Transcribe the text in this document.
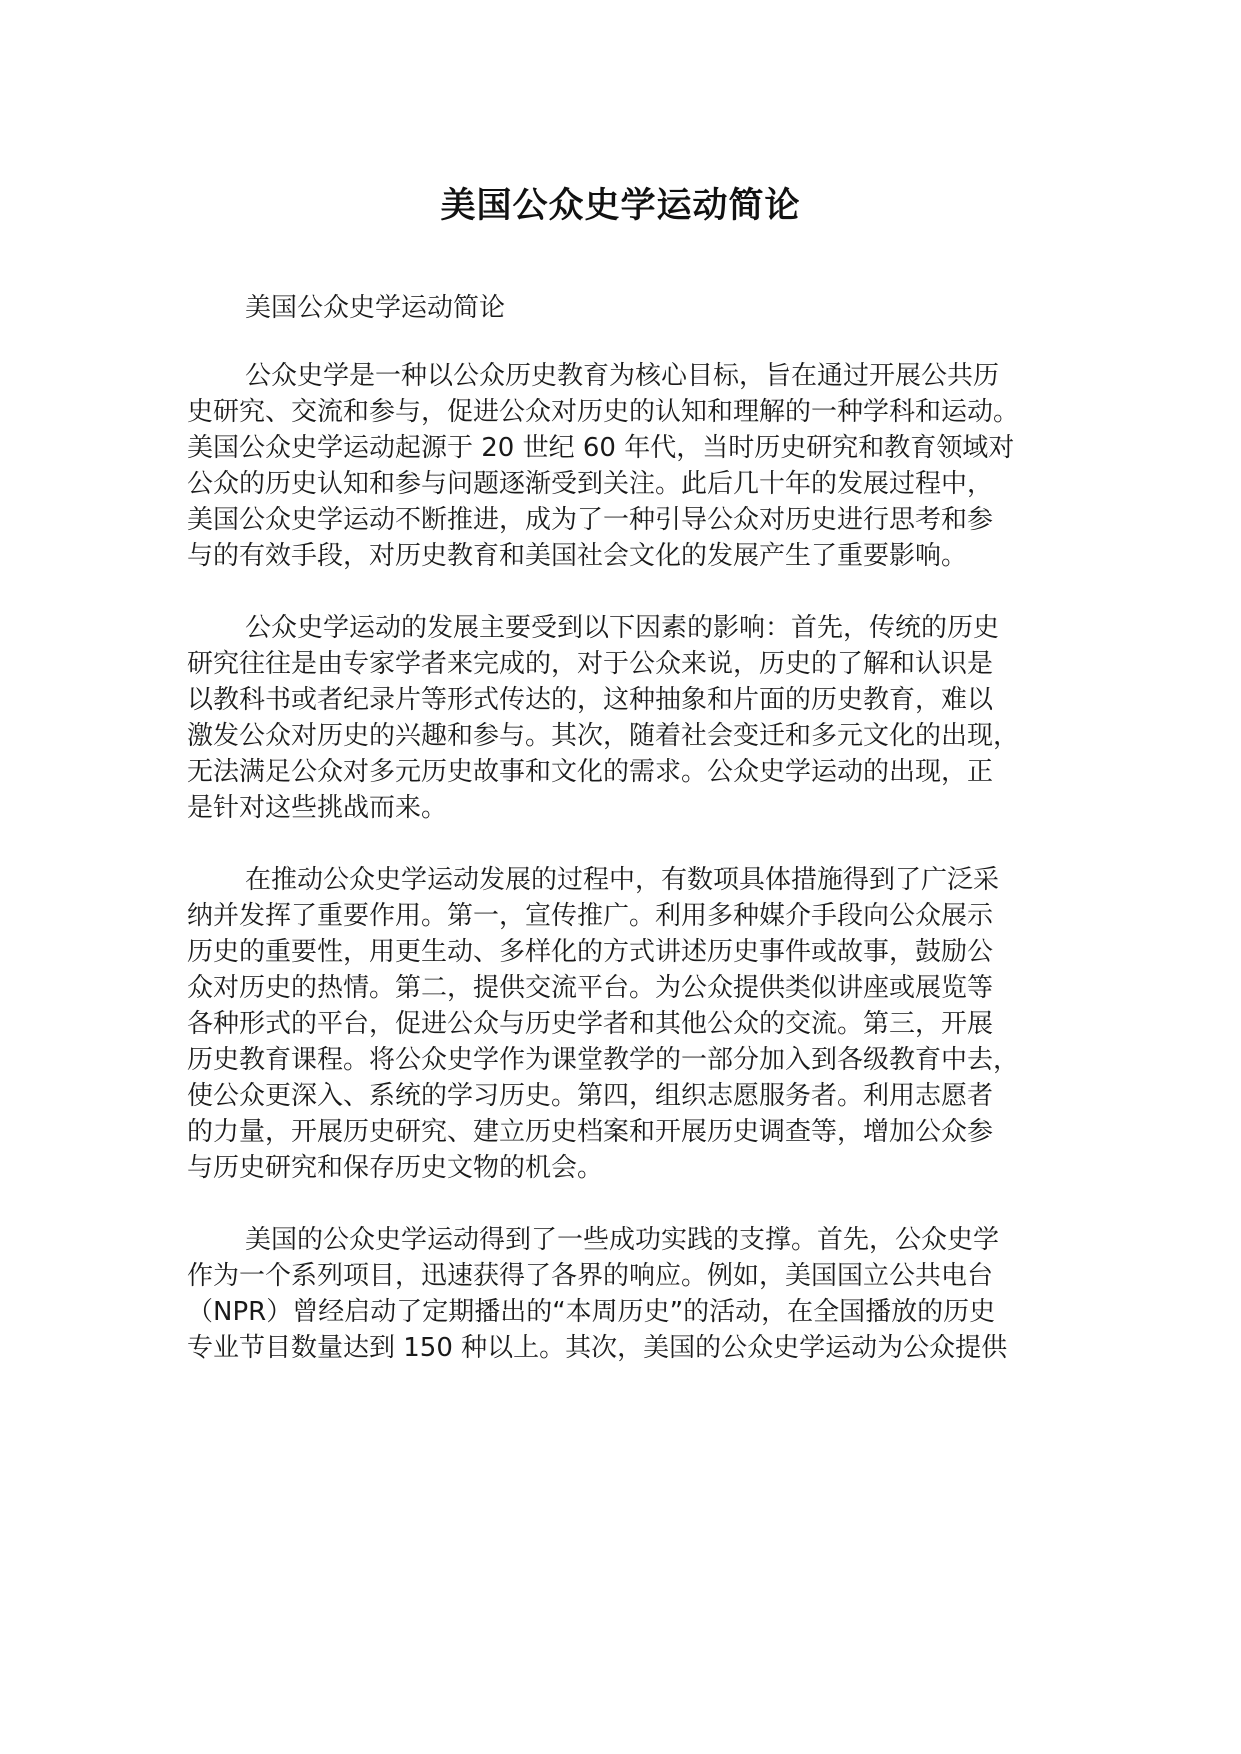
美国公众史学运动简论

美国公众史学运动简论

公众史学是一种以公众历史教育为核心目标，旨在通过开展公共历

史研究、交流和参与，促进公众对历史的认知和理解的一种学科和运动。

美国公众史学运动起源于 20 世纪 60 年代，当时历史研究和教育领域对

公众的历史认知和参与问题逐渐受到关注。此后几十年的发展过程中，

美国公众史学运动不断推进，成为了一种引导公众对历史进行思考和参

与的有效手段，对历史教育和美国社会文化的发展产生了重要影响。

公众史学运动的发展主要受到以下因素的影响：首先，传统的历史

研究往往是由专家学者来完成的，对于公众来说，历史的了解和认识是

以教科书或者纪录片等形式传达的，这种抽象和片面的历史教育，难以

激发公众对历史的兴趣和参与。其次，随着社会变迁和多元文化的出现，

无法满足公众对多元历史故事和文化的需求。公众史学运动的出现，正

是针对这些挑战而来。

在推动公众史学运动发展的过程中，有数项具体措施得到了广泛采

纳并发挥了重要作用。第一，宣传推广。利用多种媒介手段向公众展示

历史的重要性，用更生动、多样化的方式讲述历史事件或故事，鼓励公

众对历史的热情。第二，提供交流平台。为公众提供类似讲座或展览等

各种形式的平台，促进公众与历史学者和其他公众的交流。第三，开展

历史教育课程。将公众史学作为课堂教学的一部分加入到各级教育中去，

使公众更深入、系统的学习历史。第四，组织志愿服务者。利用志愿者

的力量，开展历史研究、建立历史档案和开展历史调查等，增加公众参

与历史研究和保存历史文物的机会。

美国的公众史学运动得到了一些成功实践的支撑。首先，公众史学

作为一个系列项目，迅速获得了各界的响应。例如，美国国立公共电台

（NPR）曾经启动了定期播出的“本周历史”的活动，在全国播放的历史

专业节目数量达到 150 种以上。其次，美国的公众史学运动为公众提供
